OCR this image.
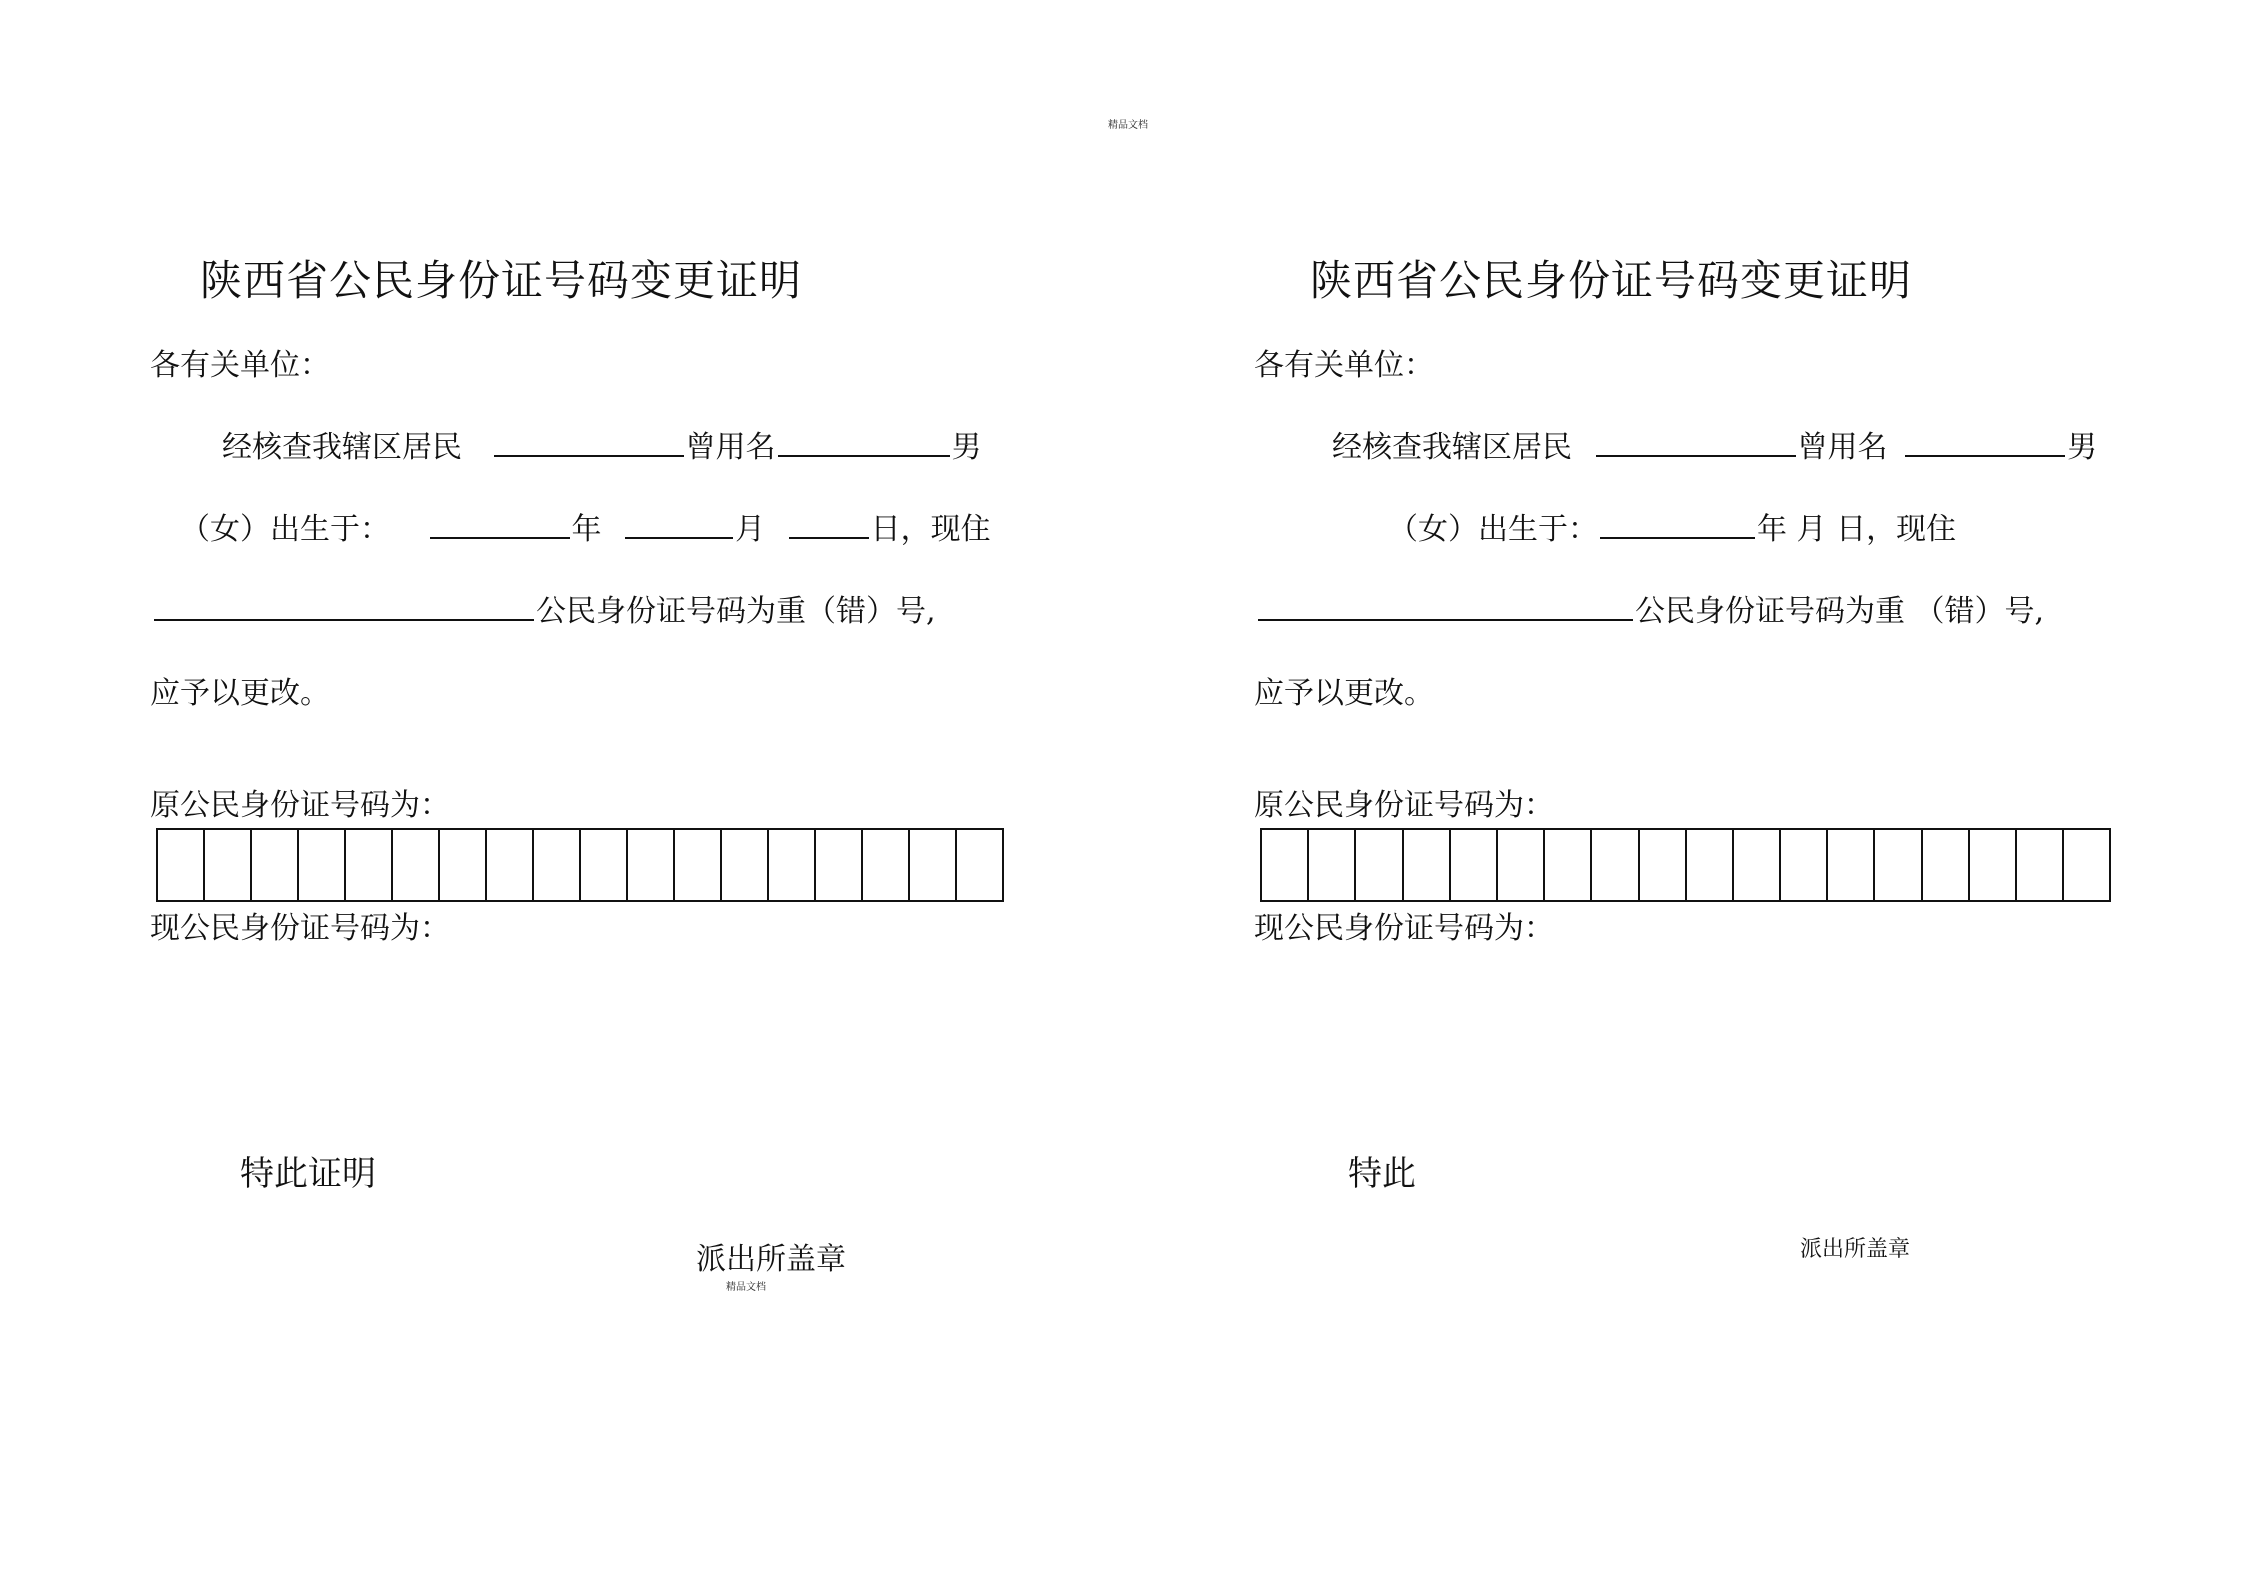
精品文档
陕西省公民身份证号码变更证明
各有关单位：
经核查我辖区居民	曾用名	男
（女）出生于：	年	月	日，现住
公民身份证号码为重（错）号,
应予以更改。
原公民身份证号码为：
现公民身份证号码为：
特此证明
派出所盖章
精品文档
陕西省公民身份证号码变更证明
各有关单位：
经核查我辖区居民	曾用名	男
（女）出生于：	年 月 日，现住
公民身份证号码为重 （错）号,
应予以更改。
原公民身份证号码为：
现公民身份证号码为：
特此
派出所盖章
